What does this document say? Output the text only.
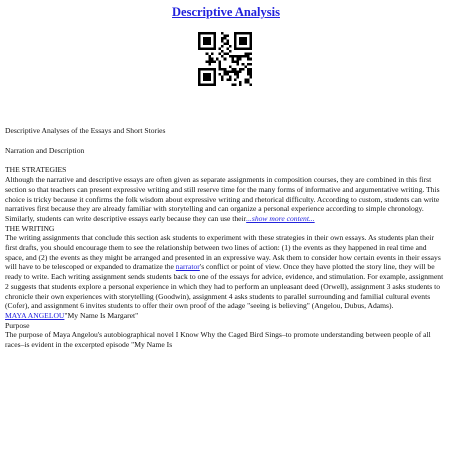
Descriptive Analysis

Descriptive Analyses of the Essays and Short Stories

Narration and Description

THE STRATEGIES

Although the narrative and descriptive essays are often given as separate assignments in composition courses, they are combined in this first section so that teachers can present expressive writing and still reserve time for the many forms of informative and argumentative writing. This choice is tricky because it confirms the folk wisdom about expressive writing and rhetorical difficulty. According to custom, students can write narratives first because they are already familiar with storytelling and can organize a personal experience according to simple chronology. Similarly, students can write descriptive essays early because they can use their...show more content...

THE WRITING

The writing assignments that conclude this section ask students to experiment with these strategies in their own essays. As students plan their first drafts, you should encourage them to see the relationship between two lines of action: (1) the events as they happened in real time and space, and (2) the events as they might be arranged and presented in an expressive way. Ask them to consider how certain events in their essays will have to be telescoped or expanded to dramatize the narrator's conflict or point of view. Once they have plotted the story line, they will be ready to write. Each writing assignment sends students back to one of the essays for advice, evidence, and stimulation. For example, assignment 2 suggests that students explore a personal experience in which they had to perform an unpleasant deed (Orwell), assignment 3 asks students to chronicle their own experiences with storytelling (Goodwin), assignment 4 asks students to parallel surrounding and familial cultural events (Cofer), and assignment 6 invites students to offer their own proof of the adage "seeing is believing" (Angelou, Dubus, Adams).

MAYA ANGELOU"My Name Is Margaret"

Purpose

The purpose of Maya Angelou's autobiographical novel I Know Why the Caged Bird Sings–to promote understanding between people of all races–is evident in the excerpted episode "My Name Is
